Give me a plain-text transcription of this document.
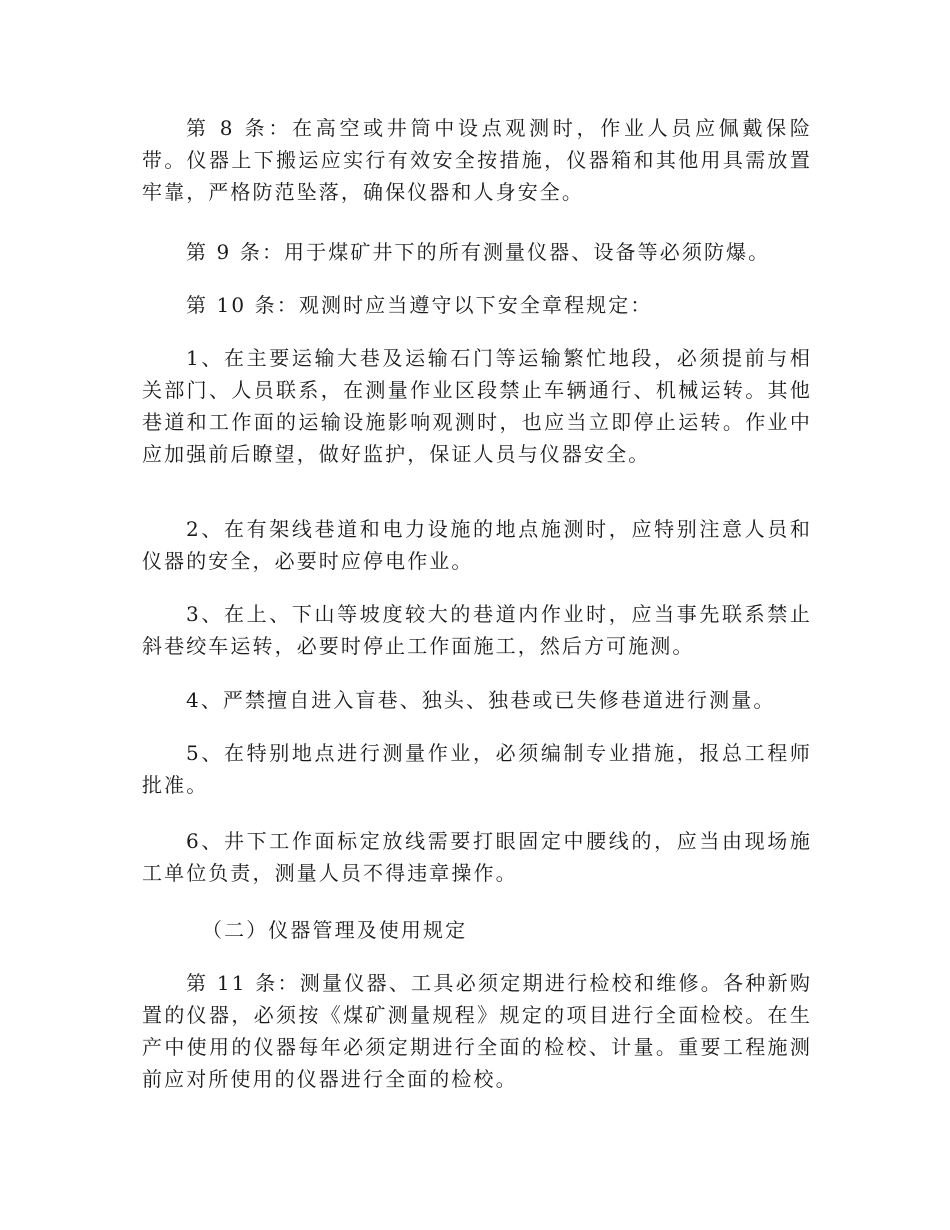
第 8 条：在高空或井筒中设点观测时，作业人员应佩戴保险带。仪器上下搬运应实行有效安全按措施，仪器箱和其他用具需放置牢靠，严格防范坠落，确保仪器和人身安全。

第 9 条：用于煤矿井下的所有测量仪器、设备等必须防爆。

第 10 条：观测时应当遵守以下安全章程规定：

1、在主要运输大巷及运输石门等运输繁忙地段，必须提前与相关部门、人员联系，在测量作业区段禁止车辆通行、机械运转。其他巷道和工作面的运输设施影响观测时，也应当立即停止运转。作业中应加强前后瞭望，做好监护，保证人员与仪器安全。

2、在有架线巷道和电力设施的地点施测时，应特别注意人员和仪器的安全，必要时应停电作业。

3、在上、下山等坡度较大的巷道内作业时，应当事先联系禁止斜巷绞车运转，必要时停止工作面施工，然后方可施测。

4、严禁擅自进入盲巷、独头、独巷或已失修巷道进行测量。

5、在特别地点进行测量作业，必须编制专业措施，报总工程师批准。

6、井下工作面标定放线需要打眼固定中腰线的，应当由现场施工单位负责，测量人员不得违章操作。

（二）仪器管理及使用规定

第 11 条：测量仪器、工具必须定期进行检校和维修。各种新购置的仪器，必须按《煤矿测量规程》规定的项目进行全面检校。在生产中使用的仪器每年必须定期进行全面的检校、计量。重要工程施测前应对所使用的仪器进行全面的检校。
